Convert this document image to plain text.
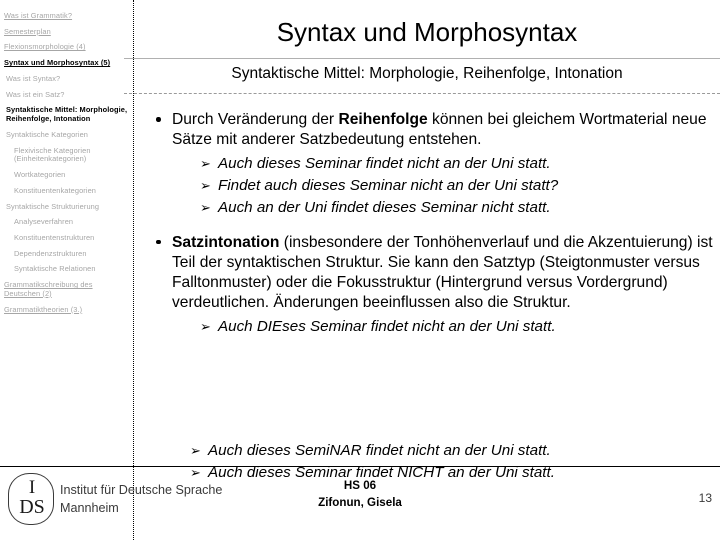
Was ist Grammatik?
Semesterplan
Flexionsmorphologie (4)
Syntax und Morphosyntax (5)
Was ist Syntax?
Was ist ein Satz?
Syntaktische Mittel: Morphologie, Reihenfolge, Intonation
Syntaktische Kategorien
Flexivische Kategorien (Einheitenkategorien)
Wortkategorien
Konstituentenkategorien
Syntaktische Strukturierung
Analyseverfahren
Konstituentenstrukturen
Dependenzstrukturen
Syntaktische Relationen
Grammatikschreibung des Deutschen (2)
Grammatiktheorien (3.)
Syntax und Morphosyntax
Syntaktische Mittel: Morphologie, Reihenfolge, Intonation
Durch Veränderung der Reihenfolge können bei gleichem Wortmaterial neue Sätze mit anderer Satzbedeutung entstehen.
➢ Auch dieses Seminar findet nicht an der Uni statt.
➢ Findet auch dieses Seminar nicht an der Uni statt?
➢ Auch an der Uni findet dieses Seminar nicht statt.
Satzintonation (insbesondere der Tonhöhenverlauf und die Akzentuierung) ist Teil der syntaktischen Struktur. Sie kann den Satztyp (Steigtonmuster versus Falltonmuster) oder die Fokusstruktur (Hintergrund versus Vordergrund) verdeutlichen. Änderungen beeinflussen also die Struktur.
➢ Auch DIEses Seminar findet nicht an der Uni statt.
➢ Auch dieses SemiNAR findet nicht an der Uni statt.
➢ Auch dieses Seminar findet NICHT an der Uni statt.
I
DS
Institut für Deutsche Sprache
Mannheim
HS 06
Zifonun, Gisela	13
